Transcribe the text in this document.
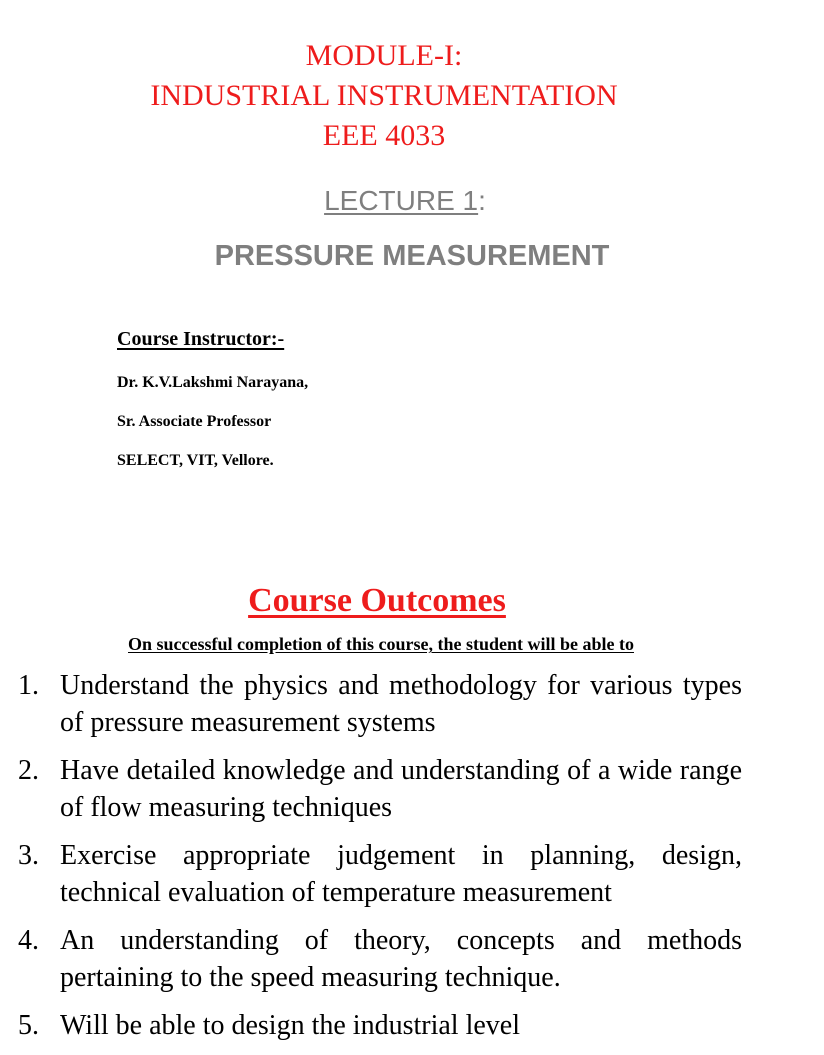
MODULE-I:
INDUSTRIAL INSTRUMENTATION
EEE 4033
LECTURE 1:
PRESSURE MEASUREMENT
Course Instructor:-
Dr. K.V.Lakshmi Narayana,
Sr. Associate Professor
SELECT, VIT, Vellore.
Course Outcomes
On successful completion of this course, the student will be able to
1. Understand the physics and methodology for various types of pressure measurement systems
2. Have detailed knowledge and understanding of a wide range of flow measuring techniques
3. Exercise appropriate judgement in planning, design, technical evaluation of temperature measurement
4. An understanding of theory, concepts and methods pertaining to the speed measuring technique.
5. Will be able to design the industrial level
